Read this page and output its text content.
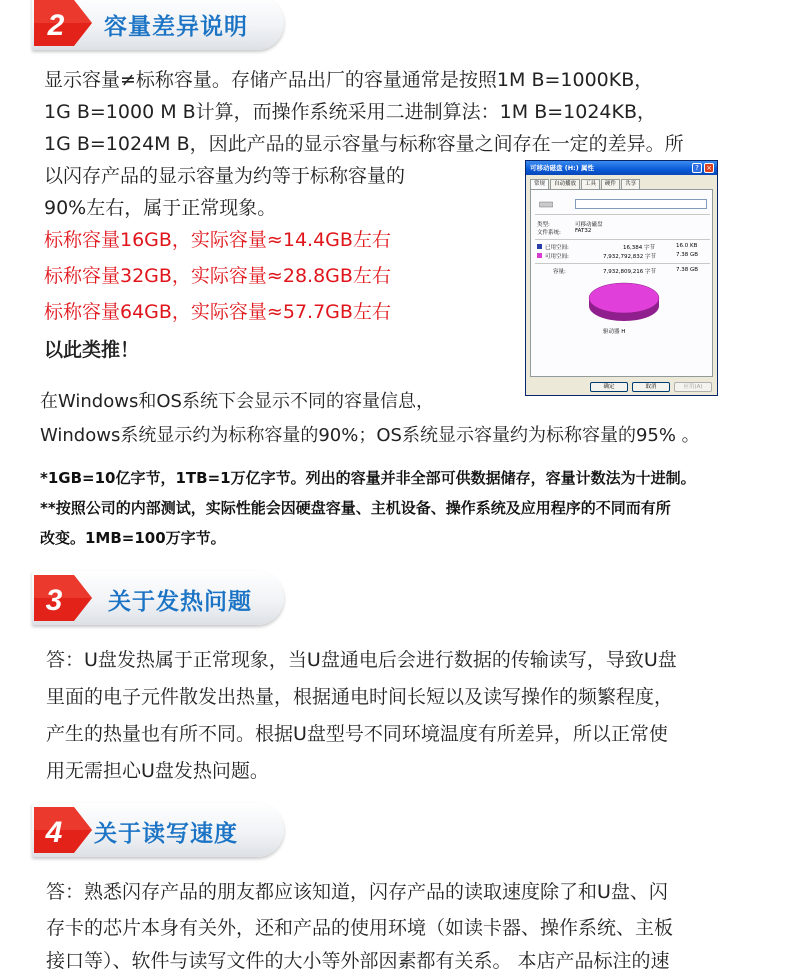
2 容量差异说明
显示容量≠标称容量。存储产品出厂的容量通常是按照1M B=1000KB，
1G B=1000 M B计算，而操作系统采用二进制算法：1M B=1024KB，
1G B=1024M B，因此产品的显示容量与标称容量之间存在一定的差异。所
以闪存产品的显示容量为约等于标称容量的
90%左右，属于正常现象。
标称容量16GB，实际容量≈14.4GB左右
标称容量32GB，实际容量≈28.8GB左右
标称容量64GB，实际容量≈57.7GB左右
以此类推！
可移动磁盘 (H:) 属性	?	×
常规 自动播放 工具 硬件 共享
类型:	可移动磁盘
文件系统:	FAT32
已用空间:	16,384 字节	16.0 KB
可用空间:	7,932,792,832 字节	7.38 GB
容量:	7,932,809,216 字节	7.38 GB
驱动器 H
确定	取消	应用(A)
在Windows和OS系统下会显示不同的容量信息，
Windows系统显示约为标称容量的90%；OS系统显示容量约为标称容量的95% 。
*1GB=10亿字节，1TB=1万亿字节。列出的容量并非全部可供数据储存，容量计数法为十进制。
**按照公司的内部测试，实际性能会因硬盘容量、主机设备、操作系统及应用程序的不同而有所
改变。1MB=100万字节。
3 关于发热问题
答：U盘发热属于正常现象，当U盘通电后会进行数据的传输读写，导致U盘
里面的电子元件散发出热量，根据通电时间长短以及读写操作的频繁程度，
产生的热量也有所不同。根据U盘型号不同环境温度有所差异，所以正常使
用无需担心U盘发热问题。
4 关于读写速度
答：熟悉闪存产品的朋友都应该知道，闪存产品的读取速度除了和U盘、闪
存卡的芯片本身有关外，还和产品的使用环境（如读卡器、操作系统、主板
接口等）、软件与读写文件的大小等外部因素都有关系。 本店产品标注的速
